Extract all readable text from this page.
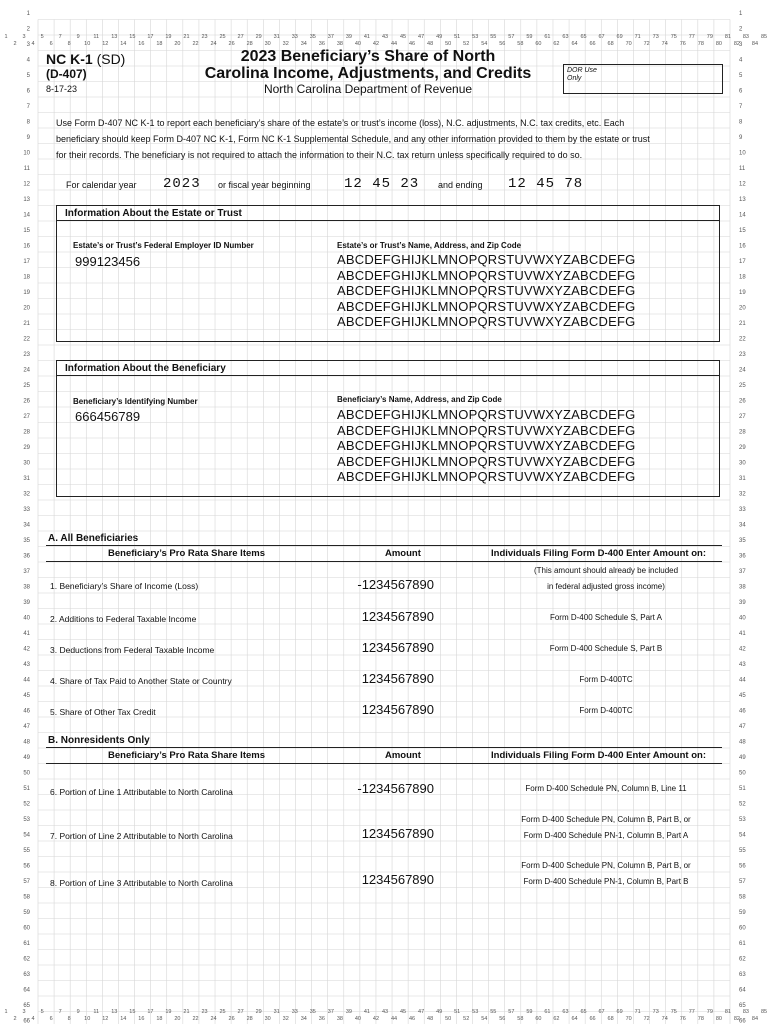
1	1
2	2
3	3
4	4
5	5
6	6
7	7
8	8
9	9
10	10
11	11
12	12
13	13
14	14
15	15
16	16
17	17
18	18
19	19
20	20
21	21
22	22
23	23
24	24
25	25
26	26
27	27
28	28
29	29
30	30
31	31
32	32
33	33
34	34
35	35
36	36
37	37
38	38
39	39
40	40
41	41
42	42
43	43
44	44
45	45
46	46
47	47
48	48
49	49
50	50
51	51
52	52
53	53
54	54
55	55
56	56
57	57
58	58
59	59
60	60
61	61
62	62
63	63
64	64
65	65
66	66
1
2
3
4
5
6
7
8
9
10
11
12
13
14
15
16
17
18
19
20
21
22
23
24
25
26
27
28
29
30
31
32
33
34
35
36
37
38
39
40
41
42
43
44
45
46
47
48
49
50
51
52
53
54
55
56
57
58
59
60
61
62
63
64
65
66
67
68
69
70
71
72
73
74
75
76
77
78
79
80
81
82
83
84
85
1
2
3
4
5
6
7
8
9
10
11
12
13
14
15
16
17
18
19
20
21
22
23
24
25
26
27
28
29
30
31
32
33
34
35
36
37
38
39
40
41
42
43
44
45
46
47
48
49
50
51
52
53
54
55
56
57
58
59
60
61
62
63
64
65
66
67
68
69
70
71
72
73
74
75
76
77
78
79
80
81
82
83
84
85
NC K-1 (SD)
(D-407)
8-17-23
2023 Beneficiary’s Share of North
Carolina Income, Adjustments, and Credits
North Carolina Department of Revenue
DOR Use Only
Use Form D-407 NC K-1 to report each beneficiary’s share of the estate’s or trust’s income (loss), N.C. adjustments, N.C. tax credits, etc. Each
beneficiary should keep Form D-407 NC K-1, Form NC K-1 Supplemental Schedule, and any other information provided to them by the estate or trust
for their records. The beneficiary is not required to attach the information to their N.C. tax return unless specifically required to do so.
For calendar year 2023 or fiscal year beginning 12 45 23 and ending 12 45 78
Information About the Estate or Trust
Estate’s or Trust’s Federal Employer ID Number
999123456
Estate’s or Trust’s Name, Address, and Zip Code
ABCDEFGHIJKLMNOPQRSTUVWXYZABCDEFG
ABCDEFGHIJKLMNOPQRSTUVWXYZABCDEFG
ABCDEFGHIJKLMNOPQRSTUVWXYZABCDEFG
ABCDEFGHIJKLMNOPQRSTUVWXYZABCDEFG
ABCDEFGHIJKLMNOPQRSTUVWXYZABCDEFG
Information About the Beneficiary
Beneficiary’s Identifying Number
666456789
Beneficiary’s Name, Address, and Zip Code
ABCDEFGHIJKLMNOPQRSTUVWXYZABCDEFG
ABCDEFGHIJKLMNOPQRSTUVWXYZABCDEFG
ABCDEFGHIJKLMNOPQRSTUVWXYZABCDEFG
ABCDEFGHIJKLMNOPQRSTUVWXYZABCDEFG
ABCDEFGHIJKLMNOPQRSTUVWXYZABCDEFG
A. All Beneficiaries
Beneficiary’s Pro Rata Share Items	Amount	Individuals Filing Form D-400 Enter Amount on:
1. Beneficiary’s Share of Income (Loss)	-1234567890
(This amount should already be included
in federal adjusted gross income)
2. Additions to Federal Taxable Income	1234567890	Form D-400 Schedule S, Part A
3. Deductions from Federal Taxable Income	1234567890	Form D-400 Schedule S, Part B
4. Share of Tax Paid to Another State or Country	1234567890	Form D-400TC
5. Share of Other Tax Credit	1234567890	Form D-400TC
B. Nonresidents Only
Beneficiary’s Pro Rata Share Items	Amount	Individuals Filing Form D-400 Enter Amount on:
6. Portion of Line 1 Attributable to North Carolina	-1234567890	Form D-400 Schedule PN, Column B, Line 11
7. Portion of Line 2 Attributable to North Carolina	1234567890
Form D-400 Schedule PN, Column B, Part B, or
Form D-400 Schedule PN-1, Column B, Part A
8. Portion of Line 3 Attributable to North Carolina	1234567890
Form D-400 Schedule PN, Column B, Part B, or
Form D-400 Schedule PN-1, Column B, Part B
